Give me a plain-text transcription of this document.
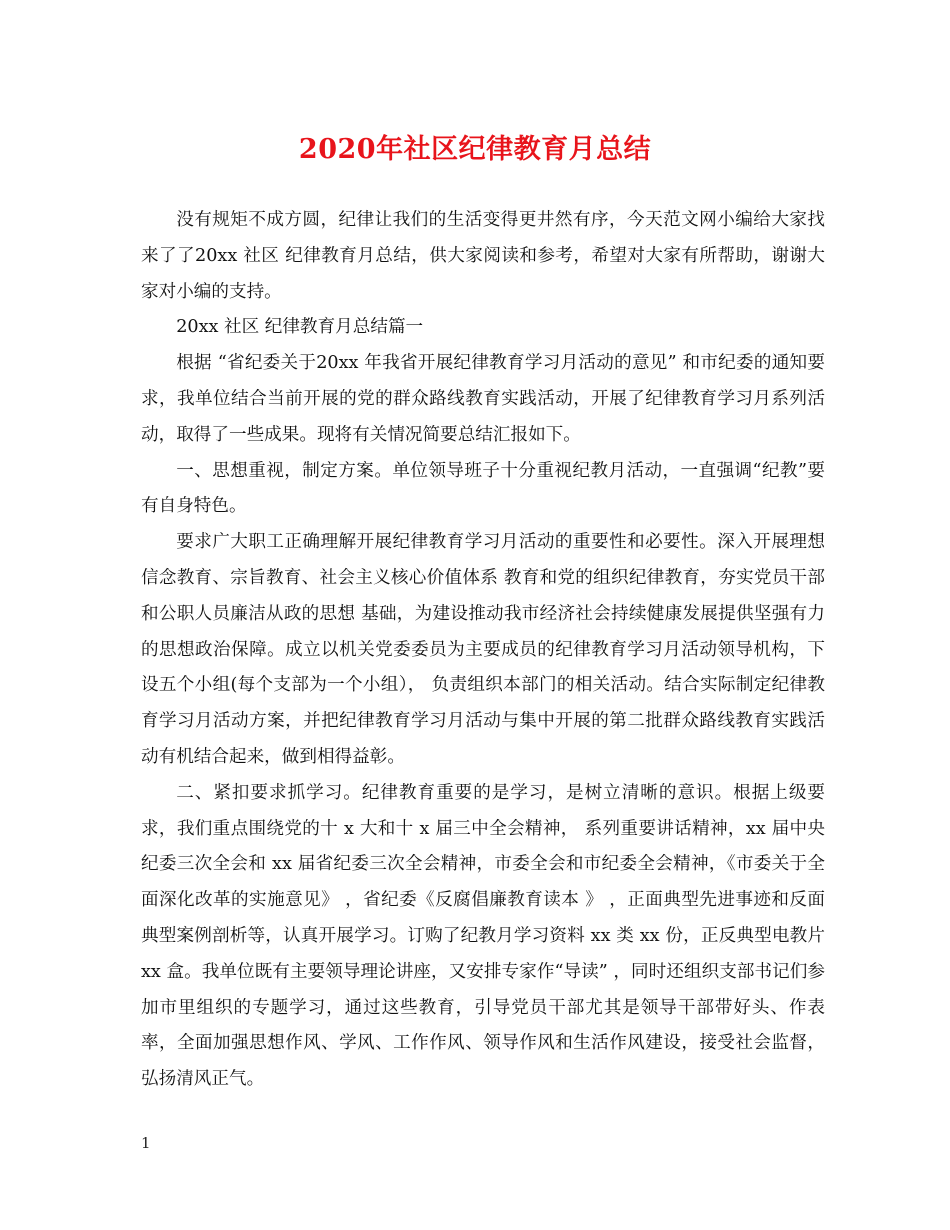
2020年社区纪律教育月总结

没有规矩不成方圆，纪律让我们的生活变得更井然有序，今天范文网小编给大家找来了了20xx 社区 纪律教育月总结，供大家阅读和参考，希望对大家有所帮助，谢谢大家对小编的支持。

20xx 社区 纪律教育月总结篇一

根据 “省纪委关于20xx 年我省开展纪律教育学习月活动的意见” 和市纪委的通知要求，我单位结合当前开展的党的群众路线教育实践活动，开展了纪律教育学习月系列活动，取得了一些成果。现将有关情况简要总结汇报如下。

一、思想重视，制定方案。单位领导班子十分重视纪教月活动，一直强调“纪教”要有自身特色。

要求广大职工正确理解开展纪律教育学习月活动的重要性和必要性。深入开展理想信念教育、宗旨教育、社会主义核心价值体系 教育和党的组织纪律教育，夯实党员干部和公职人员廉洁从政的思想 基础，为建设推动我市经济社会持续健康发展提供坚强有力的思想政治保障。成立以机关党委委员为主要成员的纪律教育学习月活动领导机构，下设五个小组(每个支部为一个小组）， 负责组织本部门的相关活动。结合实际制定纪律教育学习月活动方案，并把纪律教育学习月活动与集中开展的第二批群众路线教育实践活动有机结合起来，做到相得益彰。

二、紧扣要求抓学习。纪律教育重要的是学习，是树立清晰的意识。根据上级要求，我们重点围绕党的十 x 大和十 x 届三中全会精神， 系列重要讲话精神，xx 届中央纪委三次全会和 xx 届省纪委三次全会精神，市委全会和市纪委全会精神，《市委关于全面深化改革的实施意见》 ，省纪委《反腐倡廉教育读本 》 ，正面典型先进事迹和反面典型案例剖析等，认真开展学习。订购了纪教月学习资料 xx 类 xx 份，正反典型电教片 xx 盒。我单位既有主要领导理论讲座，又安排专家作“导读” ，同时还组织支部书记们参加市里组织的专题学习，通过这些教育，引导党员干部尤其是领导干部带好头、作表率，全面加强思想作风、学风、工作作风、领导作风和生活作风建设，接受社会监督，弘扬清风正气。

1
